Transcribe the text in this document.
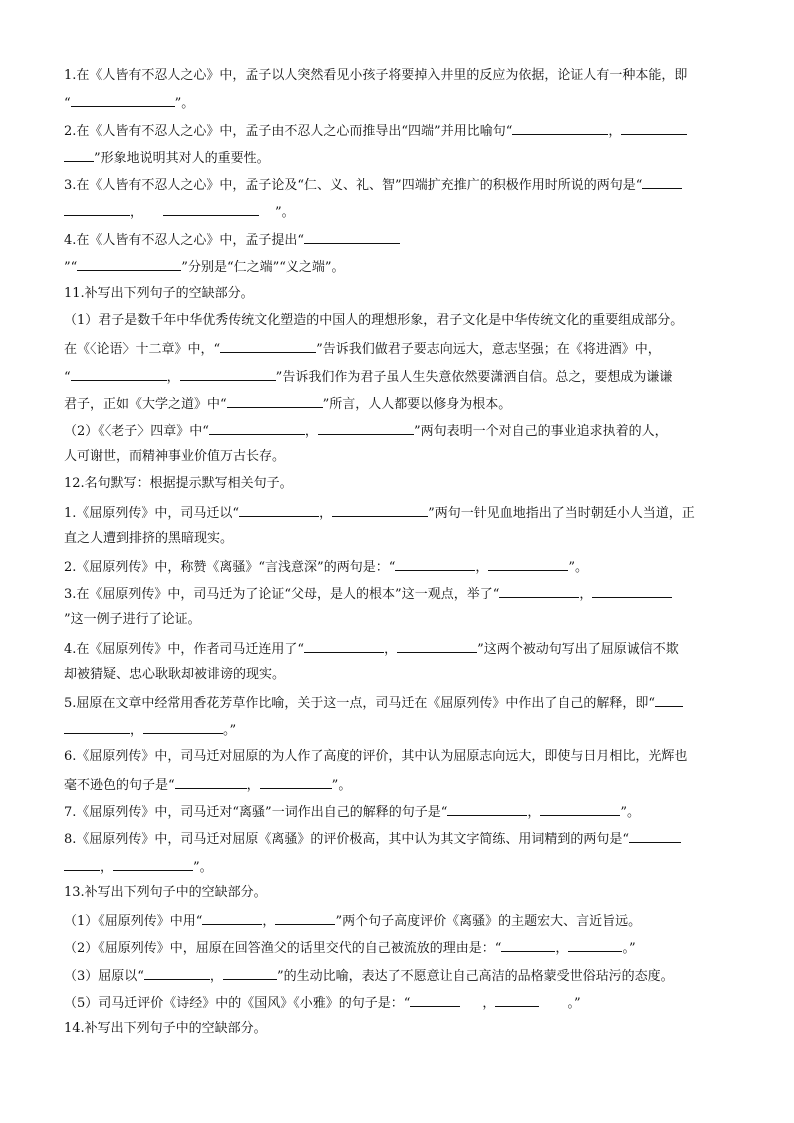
1.在《人皆有不忍人之心》中，孟子以人突然看见小孩子将要掉入井里的反应为依据，论证人有一种本能，即
“	”。
2.在《人皆有不忍人之心》中，孟子由不忍人之心而推导出“四端”并用比喻句“	，
”形象地说明其对人的重要性。
3.在《人皆有不忍人之心》中，孟子论及“仁、义、礼、智”四端扩充推广的积极作用时所说的两句是“
，	”。
4.在《人皆有不忍人之心》中，孟子提出“
”“	”分别是“仁之端”“义之端”。
11.补写出下列句子的空缺部分。
（1）君子是数千年中华优秀传统文化塑造的中国人的理想形象，君子文化是中华传统文化的重要组成部分。
在《〈论语〉十二章》中，“	”告诉我们做君子要志向远大，意志坚强；在《将进酒》中，
“	，	”告诉我们作为君子虽人生失意依然要潇洒自信。总之，要想成为谦谦
君子，正如《大学之道》中“	”所言，人人都要以修身为根本。
（2）《〈老子〉四章》中“	，	”两句表明一个对自己的事业追求执着的人，
人可谢世，而精神事业价值万古长存。
12.名句默写：根据提示默写相关句子。
1.《屈原列传》中，司马迁以“	，	”两句一针见血地指出了当时朝廷小人当道，正
直之人遭到排挤的黑暗现实。
2.《屈原列传》中，称赞《离骚》“言浅意深”的两句是：“	，	”。
3.在《屈原列传》中，司马迁为了论证“父母，是人的根本”这一观点，举了“	，
”这一例子进行了论证。
4.在《屈原列传》中，作者司马迁连用了“	，	”这两个被动句写出了屈原诚信不欺
却被猜疑、忠心耿耿却被诽谤的现实。
5.屈原在文章中经常用香花芳草作比喻，关于这一点，司马迁在《屈原列传》中作出了自己的解释，即“
，	。”
6.《屈原列传》中，司马迁对屈原的为人作了高度的评价，其中认为屈原志向远大，即使与日月相比，光辉也
毫不逊色的句子是“	，	”。
7.《屈原列传》中，司马迁对“离骚”一词作出自己的解释的句子是“	，	”。
8.《屈原列传》中，司马迁对屈原《离骚》的评价极高，其中认为其文字简练、用词精到的两句是“
，	”。
13.补写出下列句子中的空缺部分。
（1）《屈原列传》中用“	，	”两个句子高度评价《离骚》的主题宏大、言近旨远。
（2）《屈原列传》中，屈原在回答渔父的话里交代的自己被流放的理由是：“	，	。”
（3）屈原以“	，	”的生动比喻，表达了不愿意让自己高洁的品格蒙受世俗玷污的态度。
（5）司马迁评价《诗经》中的《国风》《小雅》的句子是：“	，	。”
14.补写出下列句子中的空缺部分。
